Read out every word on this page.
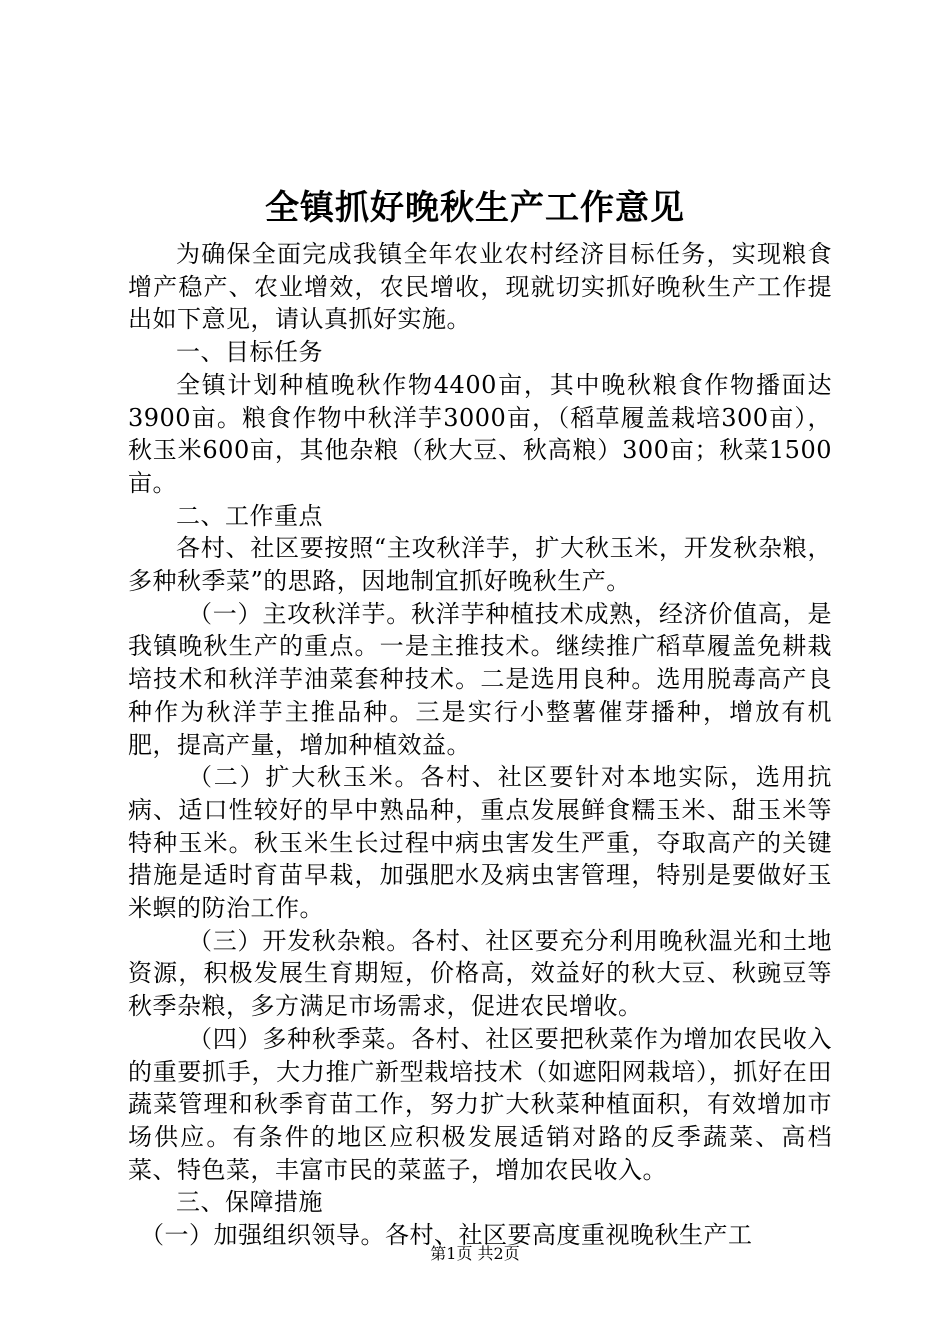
全镇抓好晚秋生产工作意见

为确保全面完成我镇全年农业农村经济目标任务，实现粮食增产稳产、农业增效，农民增收，现就切实抓好晚秋生产工作提出如下意见，请认真抓好实施。

一、目标任务

全镇计划种植晚秋作物4400亩，其中晚秋粮食作物播面达3900亩。粮食作物中秋洋芋3000亩，（稻草履盖栽培300亩），秋玉米600亩，其他杂粮（秋大豆、秋高粮）300亩；秋菜1500亩。

二、工作重点

各村、社区要按照“主攻秋洋芋，扩大秋玉米，开发秋杂粮，多种秋季菜”的思路，因地制宜抓好晚秋生产。

（一）主攻秋洋芋。秋洋芋种植技术成熟，经济价值高，是我镇晚秋生产的重点。一是主推技术。继续推广稻草履盖免耕栽培技术和秋洋芋油菜套种技术。二是选用良种。选用脱毒高产良种作为秋洋芋主推品种。三是实行小整薯催芽播种，增放有机肥，提高产量，增加种植效益。

（二）扩大秋玉米。各村、社区要针对本地实际，选用抗病、适口性较好的早中熟品种，重点发展鲜食糯玉米、甜玉米等特种玉米。秋玉米生长过程中病虫害发生严重，夺取高产的关键措施是适时育苗早栽，加强肥水及病虫害管理，特别是要做好玉米螟的防治工作。

（三）开发秋杂粮。各村、社区要充分利用晚秋温光和土地资源，积极发展生育期短，价格高，效益好的秋大豆、秋豌豆等秋季杂粮，多方满足市场需求，促进农民增收。

（四）多种秋季菜。各村、社区要把秋菜作为增加农民收入的重要抓手，大力推广新型栽培技术（如遮阳网栽培），抓好在田蔬菜管理和秋季育苗工作，努力扩大秋菜种植面积，有效增加市场供应。有条件的地区应积极发展适销对路的反季蔬菜、高档菜、特色菜，丰富市民的菜蓝子，增加农民收入。

三、保障措施

（一）加强组织领导。各村、社区要高度重视晚秋生产工

第1页 共2页
